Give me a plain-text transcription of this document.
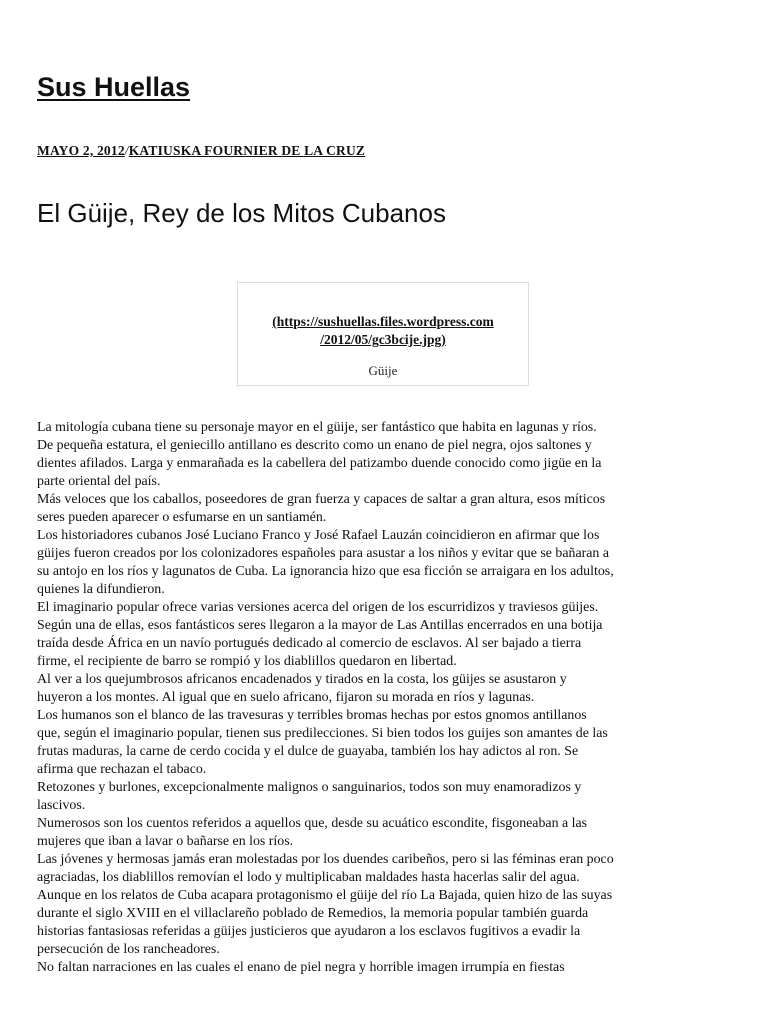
Sus Huellas
MAYO 2, 2012/KATIUSKA FOURNIER DE LA CRUZ
El Güije, Rey de los Mitos Cubanos
(https://sushuellas.files.wordpress.com
/2012/05/gc3bcije.jpg)
Güije

La mitología cubana tiene su personaje mayor en el güije, ser fantástico que habita en lagunas y ríos.

De pequeña estatura, el geniecillo antillano es descrito como un enano de piel negra, ojos saltones y

dientes afilados. Larga y enmarañada es la cabellera del patizambo duende conocido como jigüe en la

parte oriental del país.

Más veloces que los caballos, poseedores de gran fuerza y capaces de saltar a gran altura, esos míticos

seres pueden aparecer o esfumarse en un santiamén.

Los historiadores cubanos José Luciano Franco y José Rafael Lauzán coincidieron en afirmar que los

güijes fueron creados por los colonizadores españoles para asustar a los niños y evitar que se bañaran a

su antojo en los ríos y lagunatos de Cuba. La ignorancia hizo que esa ficción se arraigara en los adultos,

quienes la difundieron.

El imaginario popular ofrece varias versiones acerca del origen de los escurridizos y traviesos güijes.

Según una de ellas, esos fantásticos seres llegaron a la mayor de Las Antillas encerrados en una botija

traída desde África en un navío portugués dedicado al comercio de esclavos. Al ser bajado a tierra

firme, el recipiente de barro se rompió y los diablillos quedaron en libertad.

Al ver a los quejumbrosos africanos encadenados y tirados en la costa, los güijes se asustaron y

huyeron a los montes. Al igual que en suelo africano, fijaron su morada en ríos y lagunas.

Los humanos son el blanco de las travesuras y terribles bromas hechas por estos gnomos antillanos

que, según el imaginario popular, tienen sus predilecciones. Si bien todos los guijes son amantes de las

frutas maduras, la carne de cerdo cocida y el dulce de guayaba, también los hay adictos al ron. Se

afirma que rechazan el tabaco.

Retozones y burlones, excepcionalmente malignos o sanguinarios, todos son muy enamoradizos y

lascivos.

Numerosos son los cuentos referidos a aquellos que, desde su acuático escondite, fisgoneaban a las

mujeres que iban a lavar o bañarse en los ríos.

Las jóvenes y hermosas jamás eran molestadas por los duendes caribeños, pero si las féminas eran poco

agraciadas, los diablillos removían el lodo y multiplicaban maldades hasta hacerlas salir del agua.

Aunque en los relatos de Cuba acapara protagonismo el güije del río La Bajada, quien hizo de las suyas

durante el siglo XVIII en el villaclareño poblado de Remedios, la memoria popular también guarda

historias fantasiosas referidas a güijes justicieros que ayudaron a los esclavos fugitivos a evadir la

persecución de los rancheadores.

No faltan narraciones en las cuales el enano de piel negra y horrible imagen irrumpía en fiestas
